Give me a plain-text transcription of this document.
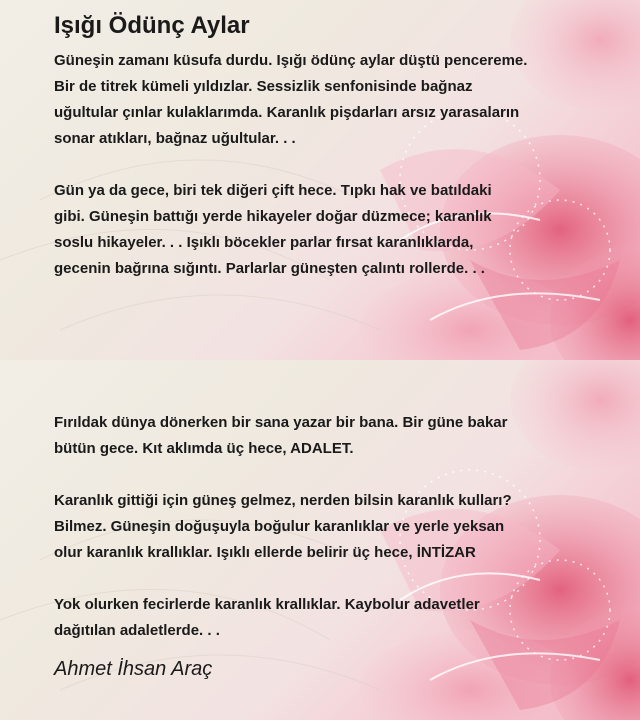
Işığı Ödünç Aylar

Güneşin zamanı küsufa durdu. Işığı ödünç aylar düştü pencereme.
Bir de titrek kümeli yıldızlar. Sessizlik senfonisinde bağnaz
uğultular çınlar kulaklarımda. Karanlık pişdarları arsız yarasaların
sonar atıkları, bağnaz uğultular. . .

Gün ya da gece, biri tek diğeri çift hece. Tıpkı hak ve batıldaki
gibi. Güneşin battığı yerde hikayeler doğar düzmece; karanlık
soslu hikayeler. . . Işıklı böcekler parlar fırsat karanlıklarda,
gecenin bağrına sığıntı. Parlarlar güneşten çalıntı rollerde. . .

Fırıldak dünya dönerken bir sana yazar bir bana. Bir güne bakar
bütün gece. Kıt aklımda üç hece, ADALET.

Karanlık gittiği için güneş gelmez, nerden bilsin karanlık kulları?
Bilmez. Güneşin doğuşuyla boğulur karanlıklar ve yerle yeksan
olur karanlık krallıklar. Işıklı ellerde belirir üç hece, İNTİZAR

Yok olurken fecirlerde karanlık krallıklar. Kaybolur adavetler
dağıtılan adaletlerde. . .

Ahmet İhsan Araç
